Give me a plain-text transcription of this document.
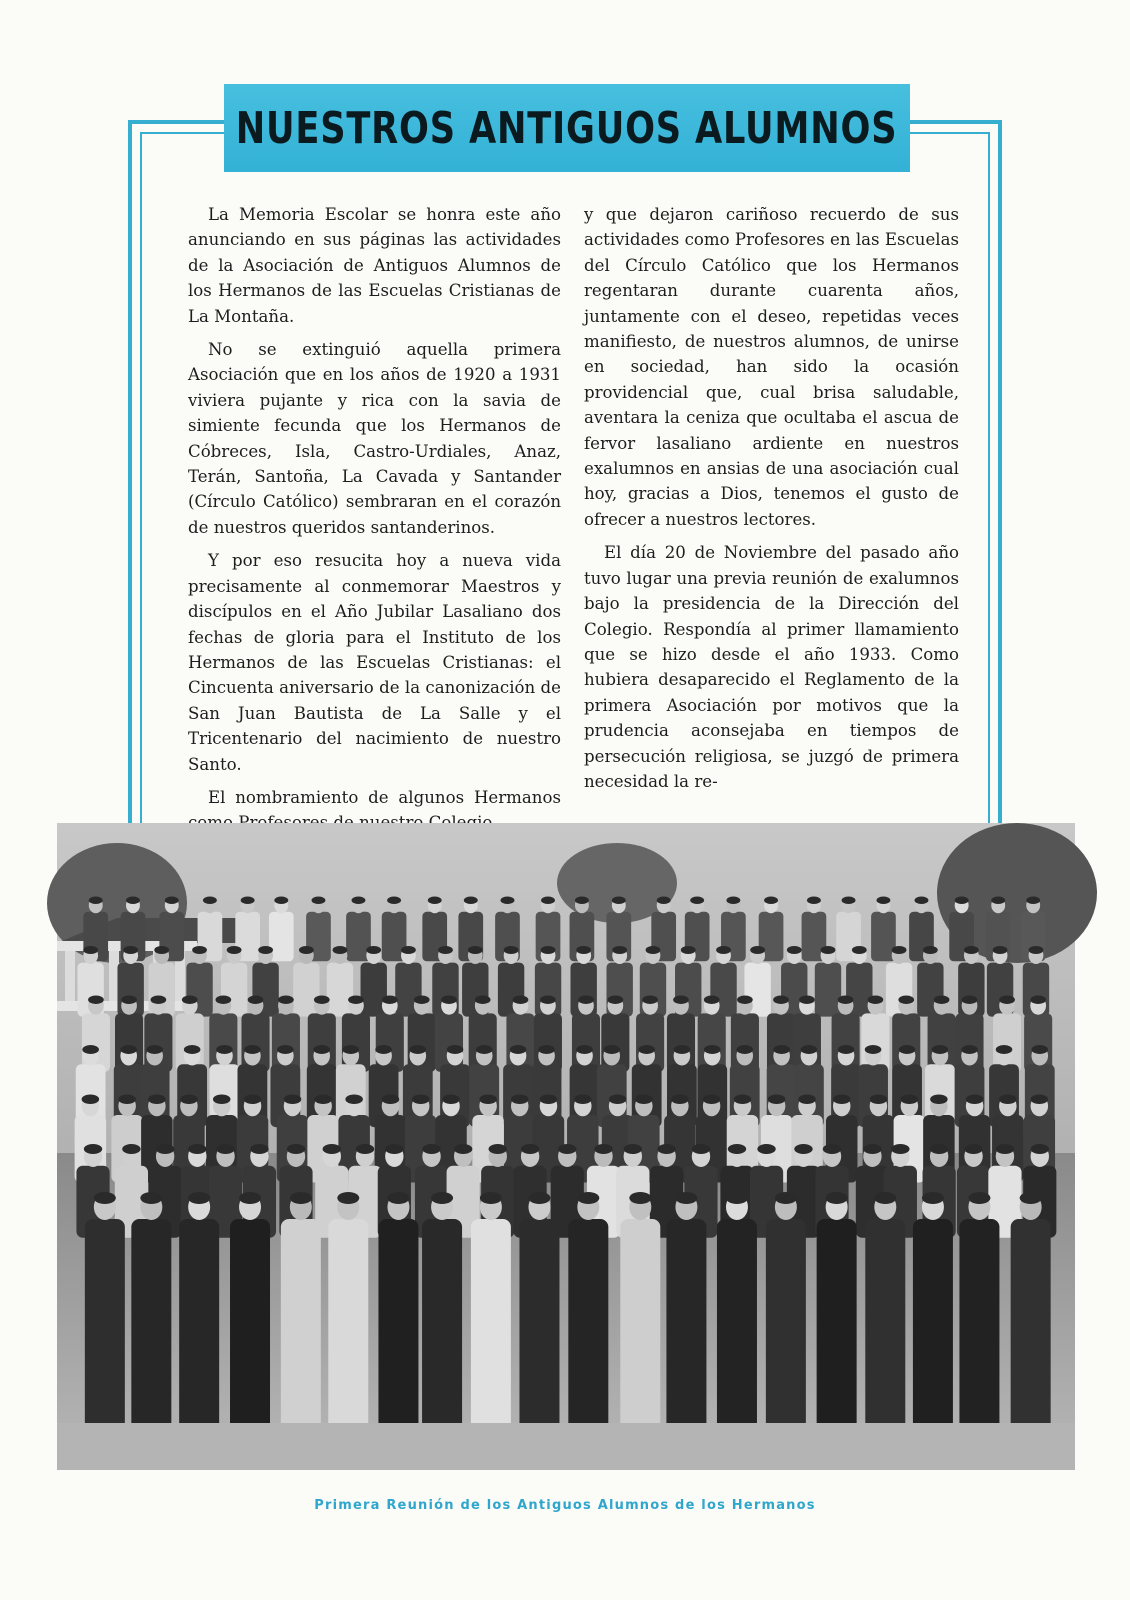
NUESTROS ANTIGUOS ALUMNOS

La Memoria Escolar se honra este año anunciando en sus páginas las actividades de la Asociación de Antiguos Alumnos de los Hermanos de las Escuelas Cristianas de La Montaña.

No se extinguió aquella primera Asociación que en los años de 1920 a 1931 viviera pujante y rica con la savia de simiente fecunda que los Hermanos de Cóbreces, Isla, Castro-Urdiales, Anaz, Terán, Santoña, La Cavada y Santander (Círculo Católico) sembraran en el corazón de nuestros queridos santanderinos.

Y por eso resucita hoy a nueva vida precisamente al conmemorar Maestros y discípulos en el Año Jubilar Lasaliano dos fechas de gloria para el Instituto de los Hermanos de las Escuelas Cristianas: el Cincuenta aniversario de la canonización de San Juan Bautista de La Salle y el Tricentenario del nacimiento de nuestro Santo.

El nombramiento de algunos Hermanos

y que dejaron cariñoso recuerdo de sus actividades como Profesores en las Escuelas del Círculo Católico que los Hermanos regentaran durante cuarenta años, juntamente con el deseo, repetidas veces manifiesto, de nuestros alumnos, de unirse en sociedad, han sido la ocasión providencial que, cual brisa saludable, aventara la ceniza que ocultaba el ascua de fervor lasaliano ardiente en nuestros exalumnos en ansias de una asociación cual hoy, gracias a Dios, tenemos el gusto de ofrecer a nuestros lectores.

El día 20 de Noviembre del pasado año tuvo lugar una previa reunión de exalumnos bajo la presidencia de la Dirección del Colegio. Respondía al primer llamamiento que se hizo desde el año 1933. Como hubiera desaparecido el Reglamento de la primera Asociación por motivos que la prudencia aconsejaba en tiempos de persecución religiosa, se juzgó de primera necesidad la re-

Primera Reunión de los Antiguos Alumnos de los Hermanos
